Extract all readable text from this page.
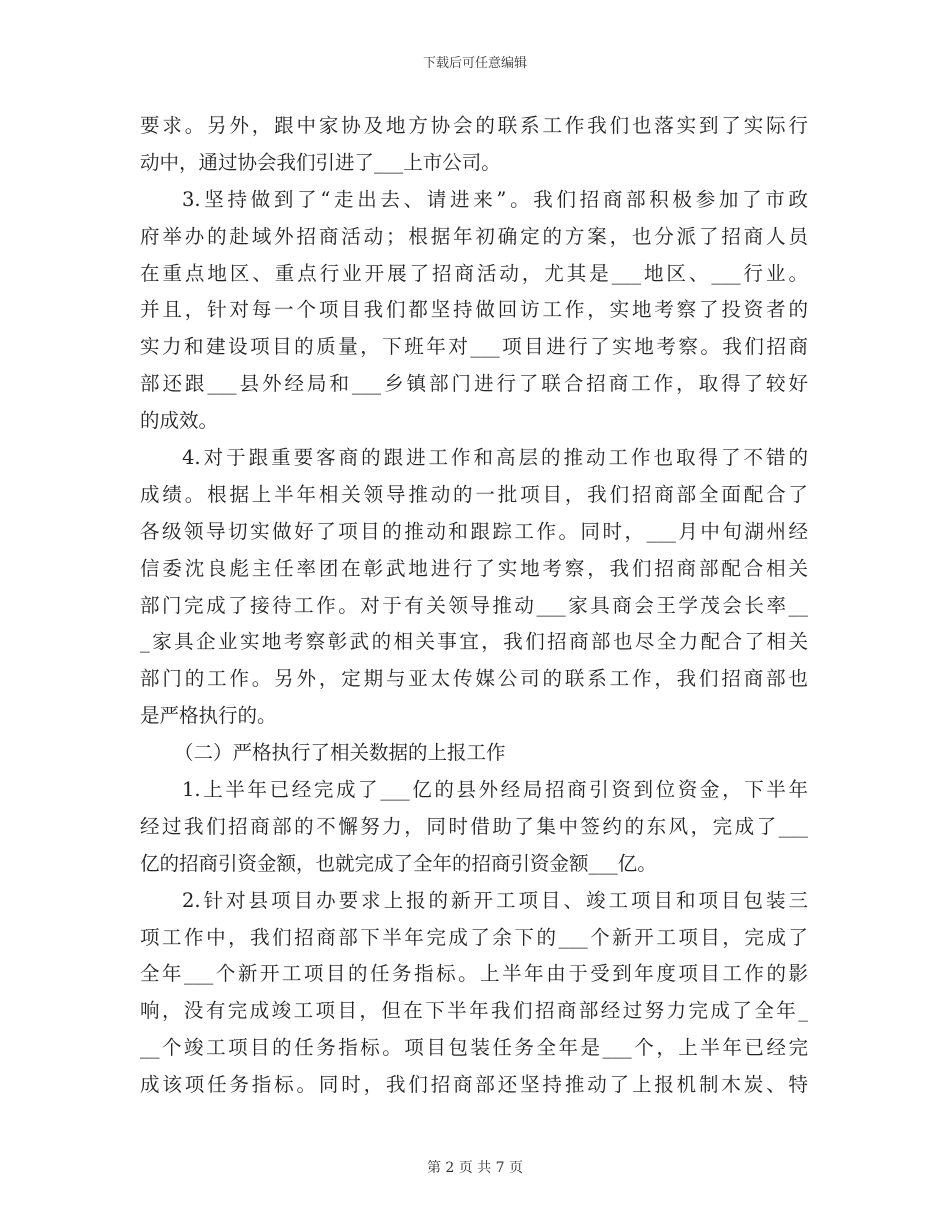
下载后可任意编辑
要求。另外，跟中家协及地方协会的联系工作我们也落实到了实际行
动中，通过协会我们引进了___上市公司。
3.坚持做到了“走出去、请进来”。我们招商部积极参加了市政
府举办的赴域外招商活动；根据年初确定的方案，也分派了招商人员
在重点地区、重点行业开展了招商活动，尤其是___地区、___行业。
并且，针对每一个项目我们都坚持做回访工作，实地考察了投资者的
实力和建设项目的质量，下班年对___项目进行了实地考察。我们招商
部还跟___县外经局和___乡镇部门进行了联合招商工作，取得了较好
的成效。
4.对于跟重要客商的跟进工作和高层的推动工作也取得了不错的
成绩。根据上半年相关领导推动的一批项目，我们招商部全面配合了
各级领导切实做好了项目的推动和跟踪工作。同时，___月中旬湖州经
信委沈良彪主任率团在彰武地进行了实地考察，我们招商部配合相关
部门完成了接待工作。对于有关领导推动___家具商会王学茂会长率__
_家具企业实地考察彰武的相关事宜，我们招商部也尽全力配合了相关
部门的工作。另外，定期与亚太传媒公司的联系工作，我们招商部也
是严格执行的。
（二）严格执行了相关数据的上报工作
1.上半年已经完成了___亿的县外经局招商引资到位资金，下半年
经过我们招商部的不懈努力，同时借助了集中签约的东风，完成了___
亿的招商引资金额，也就完成了全年的招商引资金额___亿。
2.针对县项目办要求上报的新开工项目、竣工项目和项目包装三
项工作中，我们招商部下半年完成了余下的___个新开工项目，完成了
全年___个新开工项目的任务指标。上半年由于受到年度项目工作的影
响，没有完成竣工项目，但在下半年我们招商部经过努力完成了全年_
__个竣工项目的任务指标。项目包装任务全年是___个，上半年已经完
成该项任务指标。同时，我们招商部还坚持推动了上报机制木炭、特
第 2 页 共 7 页
